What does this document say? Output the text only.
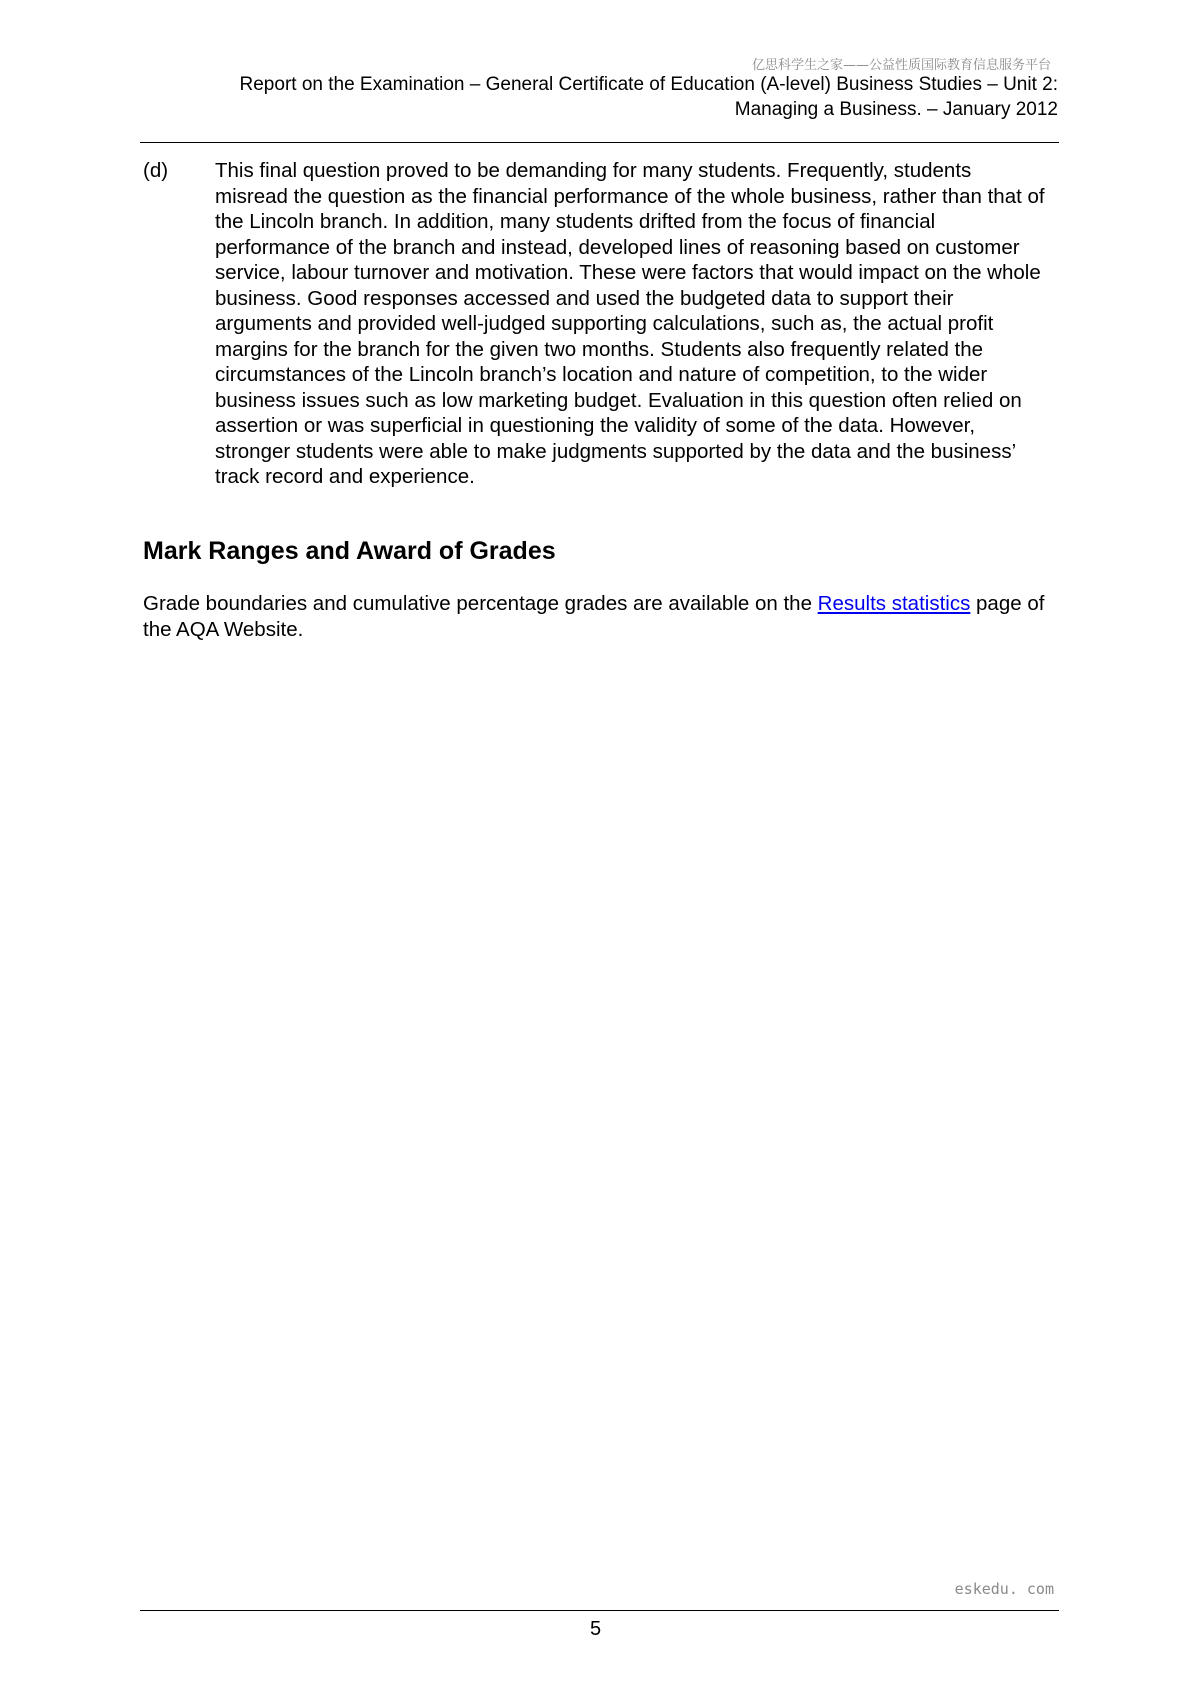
亿思科学生之家——公益性质国际教育信息服务平台
Report on the Examination – General Certificate of Education (A-level) Business Studies – Unit 2:
Managing a Business. – January 2012
(d) This final question proved to be demanding for many students. Frequently, students misread the question as the financial performance of the whole business, rather than that of the Lincoln branch. In addition, many students drifted from the focus of financial performance of the branch and instead, developed lines of reasoning based on customer service, labour turnover and motivation. These were factors that would impact on the whole business. Good responses accessed and used the budgeted data to support their arguments and provided well-judged supporting calculations, such as, the actual profit margins for the branch for the given two months. Students also frequently related the circumstances of the Lincoln branch’s location and nature of competition, to the wider business issues such as low marketing budget. Evaluation in this question often relied on assertion or was superficial in questioning the validity of some of the data. However, stronger students were able to make judgments supported by the data and the business’ track record and experience.
Mark Ranges and Award of Grades

Grade boundaries and cumulative percentage grades are available on the Results statistics page of the AQA Website.

eskedu. com
5
